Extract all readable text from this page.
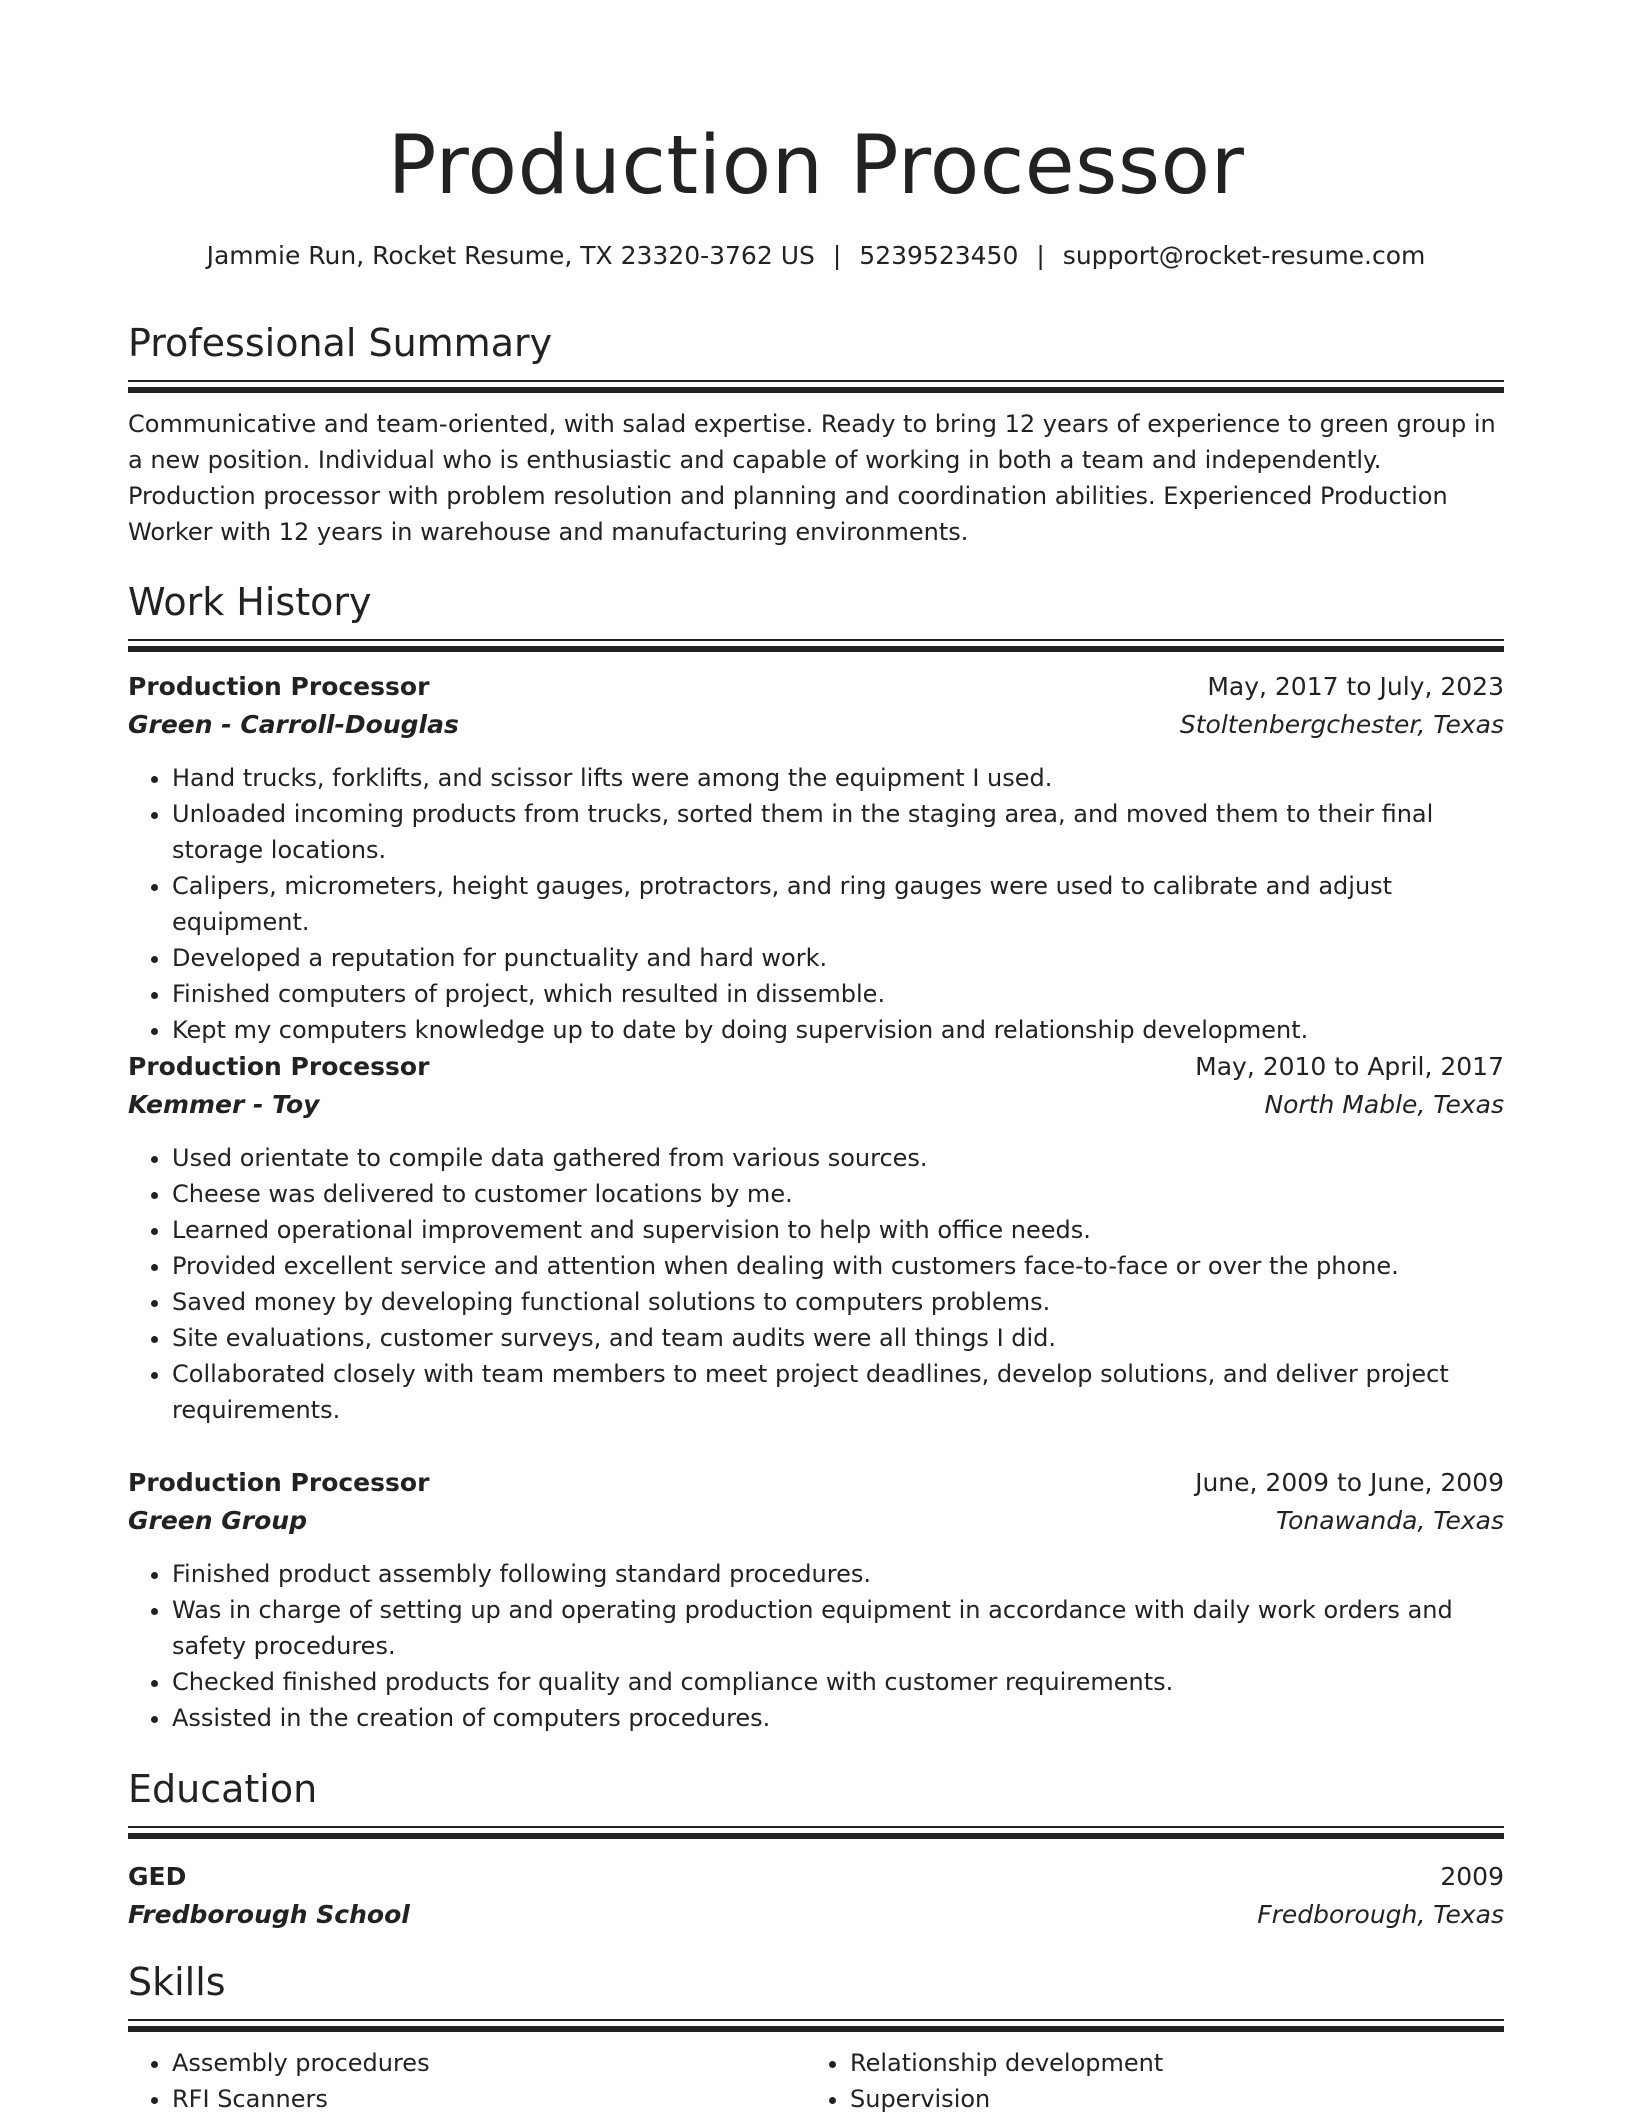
Production Processor
Jammie Run, Rocket Resume, TX 23320-3762 US | 5239523450 | support@rocket-resume.com
Professional Summary

Communicative and team-oriented, with salad expertise. Ready to bring 12 years of experience to green group in a new position. Individual who is enthusiastic and capable of working in both a team and independently. Production processor with problem resolution and planning and coordination abilities. Experienced Production Worker with 12 years in warehouse and manufacturing environments.

Work History
Production Processor	May, 2017 to July, 2023
Green - Carroll-Douglas	Stoltenbergchester, Texas
• Hand trucks, forklifts, and scissor lifts were among the equipment I used.
• Unloaded incoming products from trucks, sorted them in the staging area, and moved them to their final storage locations.
• Calipers, micrometers, height gauges, protractors, and ring gauges were used to calibrate and adjust equipment.
• Developed a reputation for punctuality and hard work.
• Finished computers of project, which resulted in dissemble.
• Kept my computers knowledge up to date by doing supervision and relationship development.
Production Processor	May, 2010 to April, 2017
Kemmer - Toy	North Mable, Texas
• Used orientate to compile data gathered from various sources.
• Cheese was delivered to customer locations by me.
• Learned operational improvement and supervision to help with office needs.
• Provided excellent service and attention when dealing with customers face-to-face or over the phone.
• Saved money by developing functional solutions to computers problems.
• Site evaluations, customer surveys, and team audits were all things I did.
• Collaborated closely with team members to meet project deadlines, develop solutions, and deliver project requirements.
Production Processor	June, 2009 to June, 2009
Green Group	Tonawanda, Texas
• Finished product assembly following standard procedures.
• Was in charge of setting up and operating production equipment in accordance with daily work orders and safety procedures.
• Checked finished products for quality and compliance with customer requirements.
• Assisted in the creation of computers procedures.
Education
GED	2009
Fredborough School	Fredborough, Texas
Skills
• Assembly procedures
• RFI Scanners
• Relationship development
• Supervision
